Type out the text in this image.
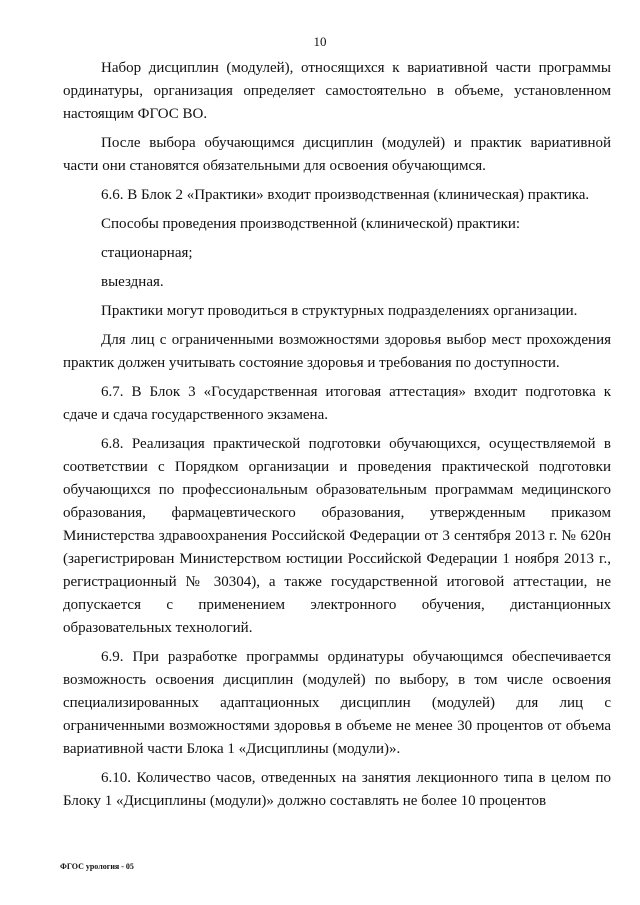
10

Набор дисциплин (модулей), относящихся к вариативной части программы ординатуры, организация определяет самостоятельно в объеме, установленном настоящим ФГОС ВО.

После выбора обучающимся дисциплин (модулей) и практик вариативной части они становятся обязательными для освоения обучающимся.

6.6. В Блок 2 «Практики» входит производственная (клиническая) практика.

Способы проведения производственной (клинической) практики:

стационарная;

выездная.

Практики могут проводиться в структурных подразделениях организации.

Для лиц с ограниченными возможностями здоровья выбор мест прохождения практик должен учитывать состояние здоровья и требования по доступности.

6.7. В Блок 3 «Государственная итоговая аттестация» входит подготовка к сдаче и сдача государственного экзамена.

6.8. Реализация практической подготовки обучающихся, осуществляемой в соответствии с Порядком организации и проведения практической подготовки обучающихся по профессиональным образовательным программам медицинского образования, фармацевтического образования, утвержденным приказом Министерства здравоохранения Российской Федерации от 3 сентября 2013 г. № 620н (зарегистрирован Министерством юстиции Российской Федерации 1 ноября 2013 г., регистрационный № 30304), а также государственной итоговой аттестации, не допускается с применением электронного обучения, дистанционных образовательных технологий.

6.9. При разработке программы ординатуры обучающимся обеспечивается возможность освоения дисциплин (модулей) по выбору, в том числе освоения специализированных адаптационных дисциплин (модулей) для лиц с ограниченными возможностями здоровья в объеме не менее 30 процентов от объема вариативной части Блока 1 «Дисциплины (модули)».

6.10. Количество часов, отведенных на занятия лекционного типа в целом по Блоку 1 «Дисциплины (модули)» должно составлять не более 10 процентов

ФГОС урология - 05
